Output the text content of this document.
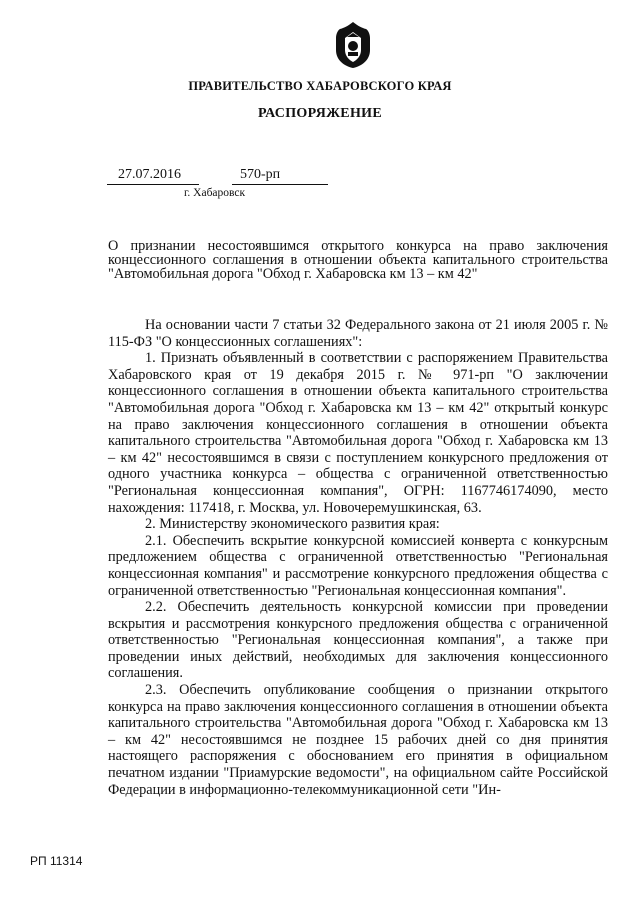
ПРАВИТЕЛЬСТВО ХАБАРОВСКОГО КРАЯ
РАСПОРЯЖЕНИЕ
27.07.2016	570-рп
г. Хабаровск
О признании несостоявшимся открытого конкурса на право заключения концессионного соглашения в отношении объекта капитального строительства "Автомобильная дорога "Обход г. Хабаровска км 13 – км 42"

На основании части 7 статьи 32 Федерального закона от 21 июля 2005 г. № 115-ФЗ "О концессионных соглашениях":

1. Признать объявленный в соответствии с распоряжением Правительства Хабаровского края от 19 декабря 2015 г. № 971-рп "О заключении концессионного соглашения в отношении объекта капитального строительства "Автомобильная дорога "Обход г. Хабаровска км 13 – км 42" открытый конкурс на право заключения концессионного соглашения в отношении объекта капитального строительства "Автомобильная дорога "Обход г. Хабаровска км 13 – км 42" несостоявшимся в связи с поступлением конкурсного предложения от одного участника конкурса – общества с ограниченной ответственностью "Региональная концессионная компания", ОГРН: 1167746174090, место нахождения: 117418, г. Москва, ул. Новочеремушкинская, 63.

2. Министерству экономического развития края:

2.1. Обеспечить вскрытие конкурсной комиссией конверта с конкурсным предложением общества с ограниченной ответственностью "Региональная концессионная компания" и рассмотрение конкурсного предложения общества с ограниченной ответственностью "Региональная концессионная компания".

2.2. Обеспечить деятельность конкурсной комиссии при проведении вскрытия и рассмотрения конкурсного предложения общества с ограниченной ответственностью "Региональная концессионная компания", а также при проведении иных действий, необходимых для заключения концессионного соглашения.

2.3. Обеспечить опубликование сообщения о признании открытого конкурса на право заключения концессионного соглашения в отношении объекта капитального строительства "Автомобильная дорога "Обход г. Хабаровска км 13 – км 42" несостоявшимся не позднее 15 рабочих дней со дня принятия настоящего распоряжения с обоснованием его принятия в официальном печатном издании "Приамурские ведомости", на официальном сайте Российской Федерации в информационно-телекоммуникационной сети "Ин-

РП 11314
